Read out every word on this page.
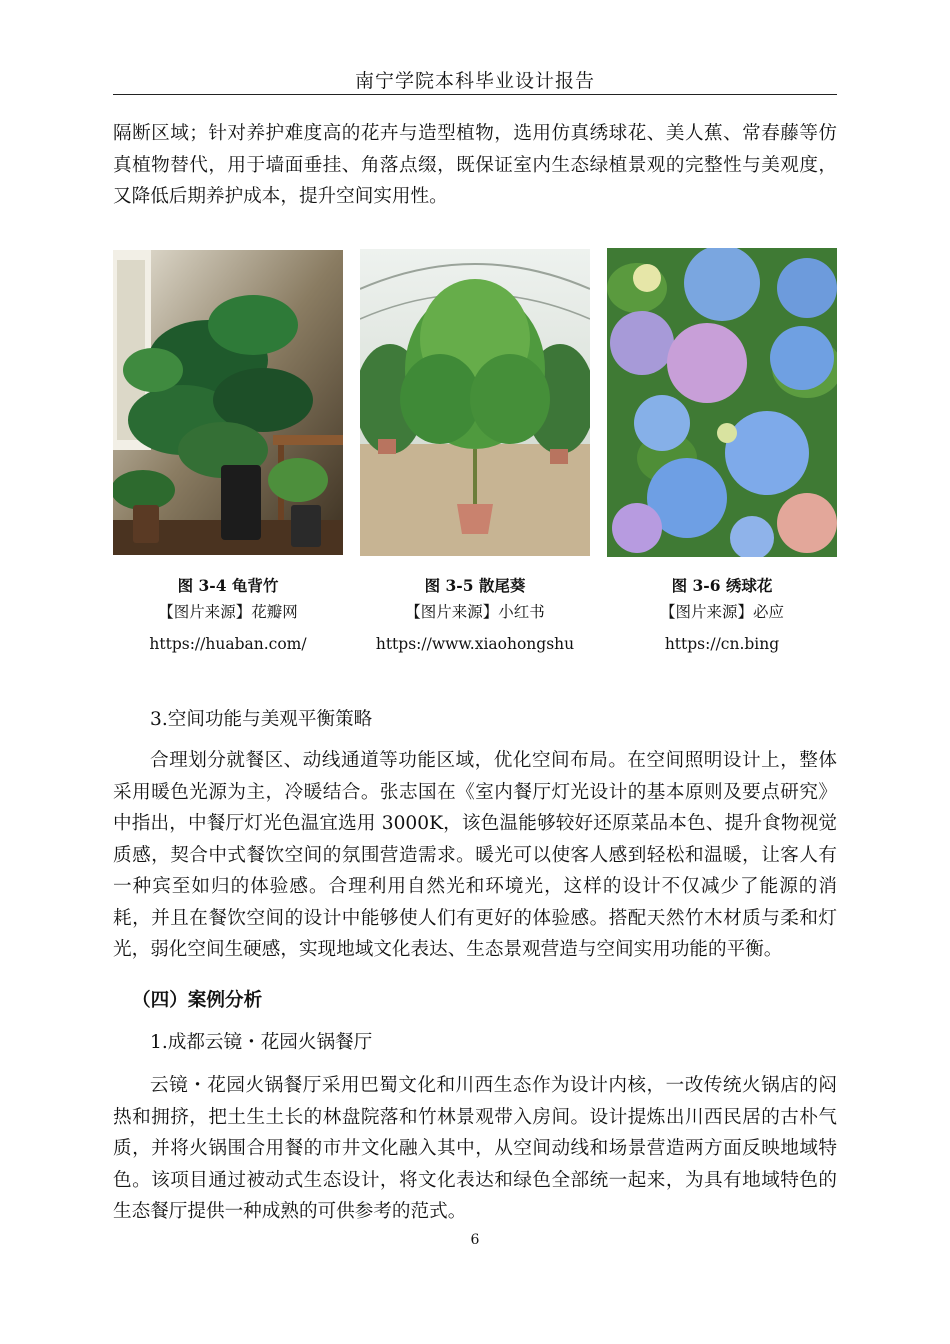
南宁学院本科毕业设计报告

隔断区域；针对养护难度高的花卉与造型植物，选用仿真绣球花、美人蕉、常春藤等仿真植物替代，用于墙面垂挂、角落点缀，既保证室内生态绿植景观的完整性与美观度，又降低后期养护成本，提升空间实用性。

图 3-4 龟背竹
【图片来源】花瓣网
https://huaban.com/
图 3-5 散尾葵
【图片来源】小红书
https://www.xiaohongshu
图 3-6 绣球花
【图片来源】必应
https://cn.bing

3.空间功能与美观平衡策略

合理划分就餐区、动线通道等功能区域，优化空间布局。在空间照明设计上，整体采用暖色光源为主，冷暖结合。张志国在《室内餐厅灯光设计的基本原则及要点研究》中指出，中餐厅灯光色温宜选用 3000K，该色温能够较好还原菜品本色、提升食物视觉质感，契合中式餐饮空间的氛围营造需求。暖光可以使客人感到轻松和温暖，让客人有一种宾至如归的体验感。合理利用自然光和环境光，这样的设计不仅减少了能源的消耗，并且在餐饮空间的设计中能够使人们有更好的体验感。搭配天然竹木材质与柔和灯光，弱化空间生硬感，实现地域文化表达、生态景观营造与空间实用功能的平衡。

（四）案例分析

1.成都云镜・花园火锅餐厅

云镜・花园火锅餐厅采用巴蜀文化和川西生态作为设计内核，一改传统火锅店的闷热和拥挤，把土生土长的林盘院落和竹林景观带入房间。设计提炼出川西民居的古朴气质，并将火锅围合用餐的市井文化融入其中，从空间动线和场景营造两方面反映地域特色。该项目通过被动式生态设计，将文化表达和绿色全部统一起来，为具有地域特色的生态餐厅提供一种成熟的可供参考的范式。

6
